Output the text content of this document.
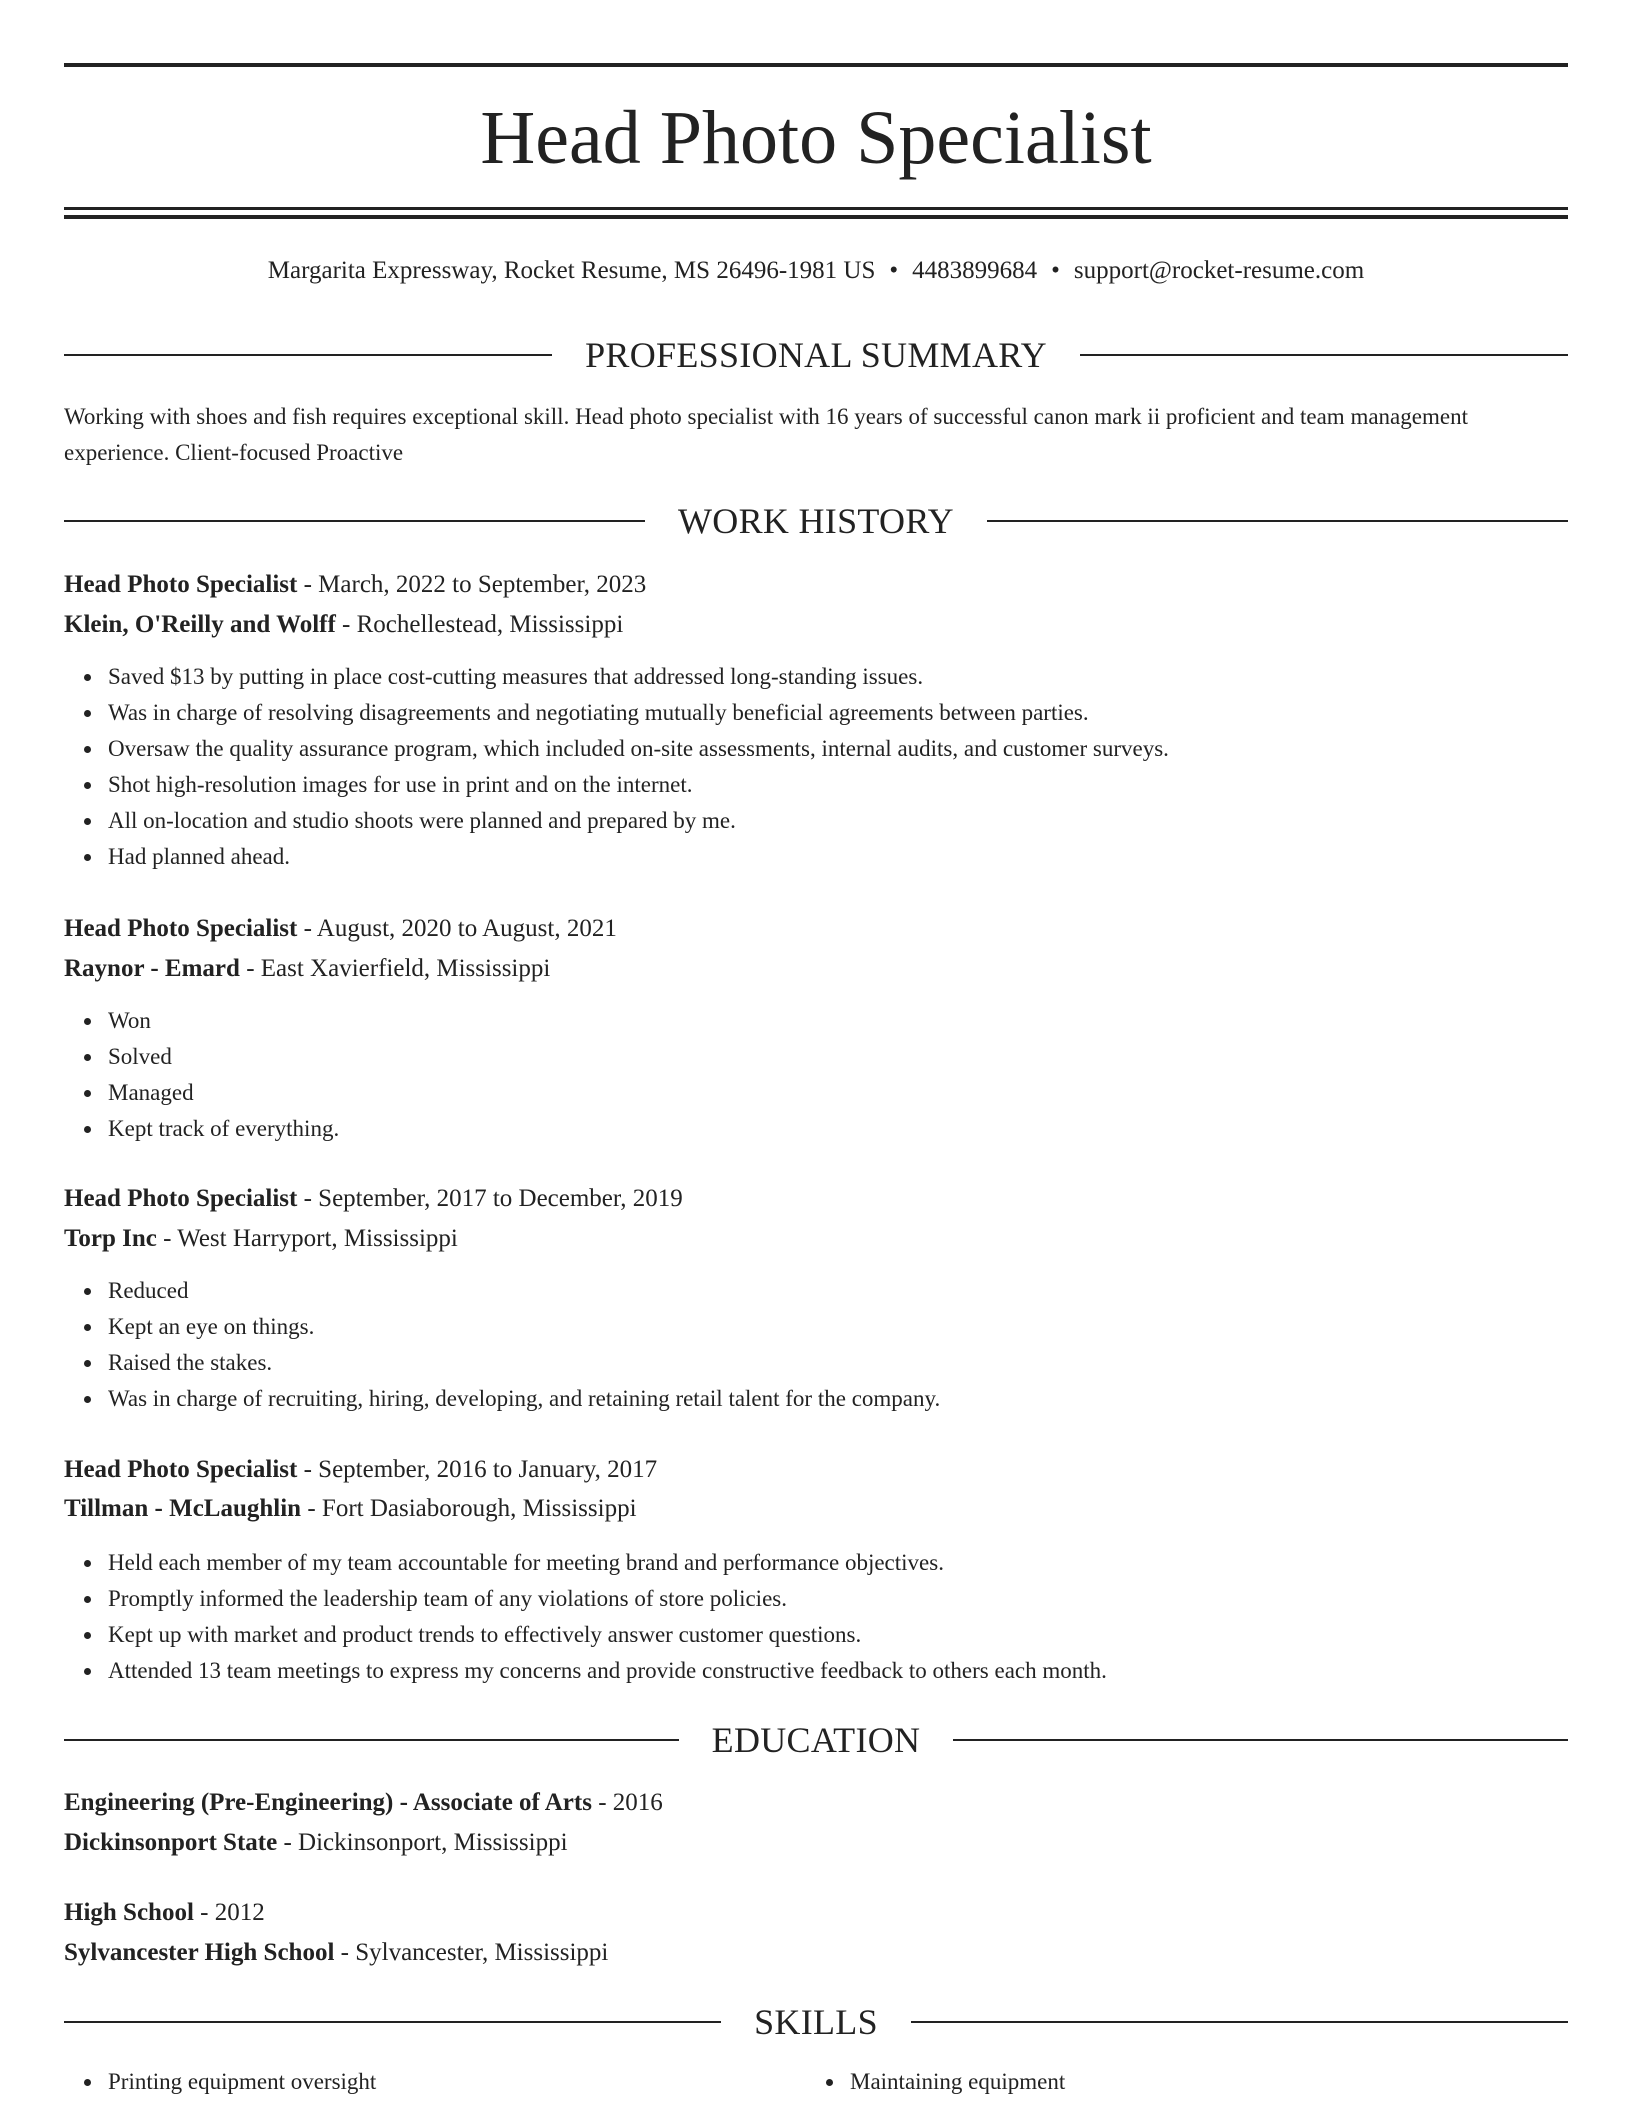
Head Photo Specialist
Margarita Expressway, Rocket Resume, MS 26496-1981 US • 4483899684 • support@rocket-resume.com
PROFESSIONAL SUMMARY

Working with shoes and fish requires exceptional skill. Head photo specialist with 16 years of successful canon mark ii proficient and team management experience. Client-focused Proactive

WORK HISTORY
Head Photo Specialist - March, 2022 to September, 2023
Klein, O'Reilly and Wolff - Rochellestead, Mississippi
Saved $13 by putting in place cost-cutting measures that addressed long-standing issues.
Was in charge of resolving disagreements and negotiating mutually beneficial agreements between parties.
Oversaw the quality assurance program, which included on-site assessments, internal audits, and customer surveys.
Shot high-resolution images for use in print and on the internet.
All on-location and studio shoots were planned and prepared by me.
Had planned ahead.
Head Photo Specialist - August, 2020 to August, 2021
Raynor - Emard - East Xavierfield, Mississippi
Won
Solved
Managed
Kept track of everything.
Head Photo Specialist - September, 2017 to December, 2019
Torp Inc - West Harryport, Mississippi
Reduced
Kept an eye on things.
Raised the stakes.
Was in charge of recruiting, hiring, developing, and retaining retail talent for the company.
Head Photo Specialist - September, 2016 to January, 2017
Tillman - McLaughlin - Fort Dasiaborough, Mississippi
Held each member of my team accountable for meeting brand and performance objectives.
Promptly informed the leadership team of any violations of store policies.
Kept up with market and product trends to effectively answer customer questions.
Attended 13 team meetings to express my concerns and provide constructive feedback to others each month.
EDUCATION
Engineering (Pre-Engineering) - Associate of Arts - 2016
Dickinsonport State - Dickinsonport, Mississippi
High School - 2012
Sylvancester High School - Sylvancester, Mississippi
SKILLS
Printing equipment oversight	Maintaining equipment
